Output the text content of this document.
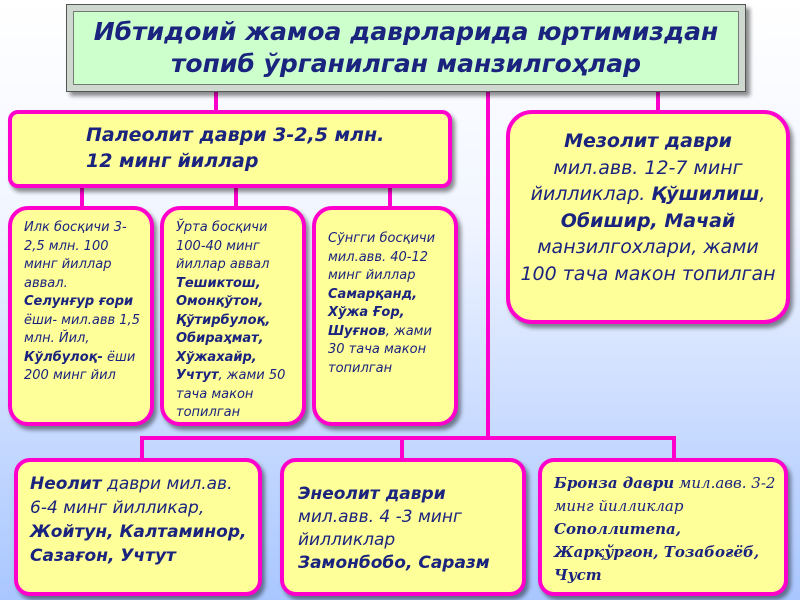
Ибтидоий жамоа даврларида юртимиздан
топиб ўрганилган манзилгоҳлар
Палеолит даври 3-2,5 млн.
12 минг йиллар
Илк босқичи 3-2,5 млн. 100 минг йиллар аввал.
Селунғур ғори ёши- мил.авв 1,5 млн. Йил, Кўлбулоқ- ёши 200 минг йил
Ўрта босқичи 100-40 минг йиллар аввал
Тешиктош, Омонқўтон, Қўтирбулоқ, Обираҳмат, Хўжахайр, Учтут, жами 50 тача макон топилган
Сўнгги босқичи мил.авв. 40-12 минг йиллар
Самарқанд, Хўжа Ғор, Шуғнов, жами 30 тача макон топилган
Мезолит даври
мил.авв. 12-7 минг йилликлар. Қўшилиш, Обишир, Мачай манзилгохлари, жами 100 тача макон топилган
Неолит даври мил.ав. 6-4 минг йилликар,
Жойтун, Калтаминор, Сазағон, Учтут
Энеолит даври
мил.авв. 4 -3 минг йилликлар
Замонбобо, Саразм
Бронза даври мил.авв. 3-2 минг йилликлар
Сополлитепа, Жарқўрғон, Тозабоғёб, Чуст
